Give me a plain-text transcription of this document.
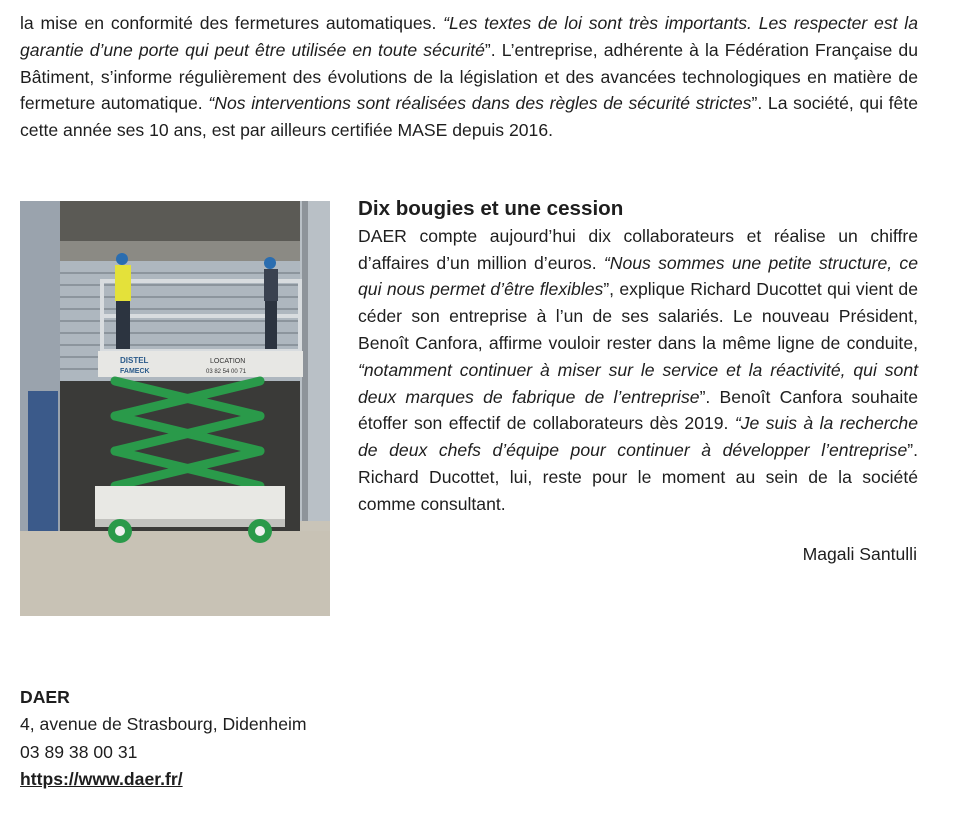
la mise en conformité des fermetures automatiques. “Les textes de loi sont très importants. Les respecter est la garantie d’une porte qui peut être utilisée en toute sécurité”. L’entreprise, adhérente à la Fédération Française du Bâtiment, s’informe régulièrement des évolutions de la législation et des avancées technologiques en matière de fermeture automatique. “Nos interventions sont réalisées dans des règles de sécurité strictes”. La société, qui fête cette année ses 10 ans, est par ailleurs certifiée MASE depuis 2016.

DISTEL
FAMECK
LOCATION
03 82 54 00 71
Dix bougies et une cession

DAER compte aujourd’hui dix collaborateurs et réalise un chiffre d’affaires d’un million d’euros. “Nous sommes une petite structure, ce qui nous permet d’être flexibles”, explique Richard Ducottet qui vient de céder son entreprise à l’un de ses salariés. Le nouveau Président, Benoît Canfora, affirme vouloir rester dans la même ligne de conduite, “notamment continuer à miser sur le service et la réactivité, qui sont deux marques de fabrique de l’entreprise”. Benoît Canfora souhaite étoffer son effectif de collaborateurs dès 2019. “Je suis à la recherche de deux chefs d’équipe pour continuer à développer l’entreprise”. Richard Ducottet, lui, reste pour le moment au sein de la société comme consultant.

Magali Santulli
DAER
4, avenue de Strasbourg, Didenheim
03 89 38 00 31
https://www.daer.fr/
